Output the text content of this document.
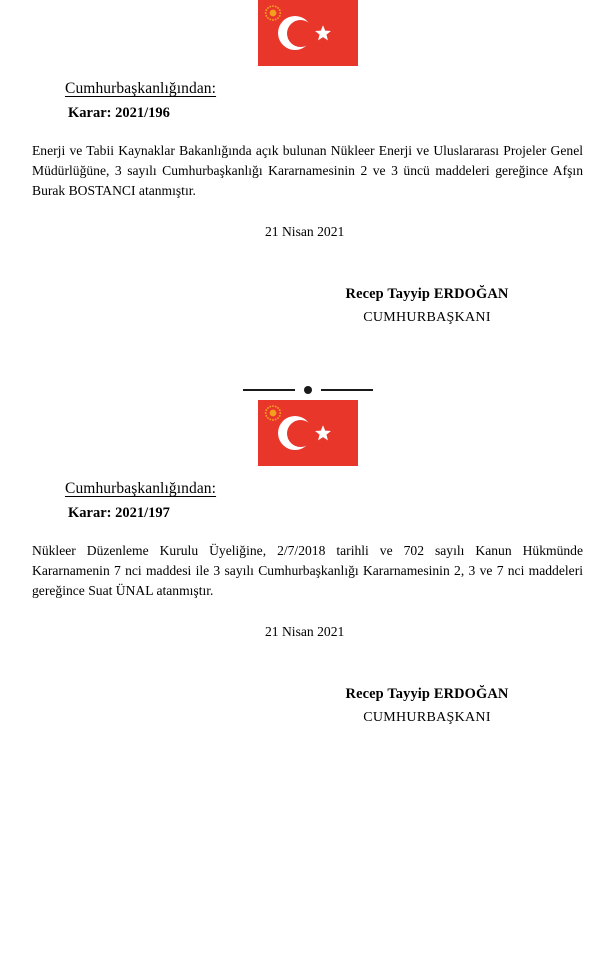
Cumhurbaşkanlığından:

Karar: 2021/196

Enerji ve Tabii Kaynaklar Bakanlığında açık bulunan Nükleer Enerji ve Uluslararası Projeler Genel Müdürlüğüne, 3 sayılı Cumhurbaşkanlığı Kararnamesinin 2 ve 3 üncü maddeleri gereğince Afşın Burak BOSTANCI atanmıştır.

21 Nisan 2021

Recep Tayyip ERDOĞAN

CUMHURBAŞKANI

Cumhurbaşkanlığından:

Karar: 2021/197

Nükleer Düzenleme Kurulu Üyeliğine, 2/7/2018 tarihli ve 702 sayılı Kanun Hükmünde Kararnamenin 7 nci maddesi ile 3 sayılı Cumhurbaşkanlığı Kararnamesinin 2, 3 ve 7 nci maddeleri gereğince Suat ÜNAL atanmıştır.

21 Nisan 2021

Recep Tayyip ERDOĞAN

CUMHURBAŞKANI
